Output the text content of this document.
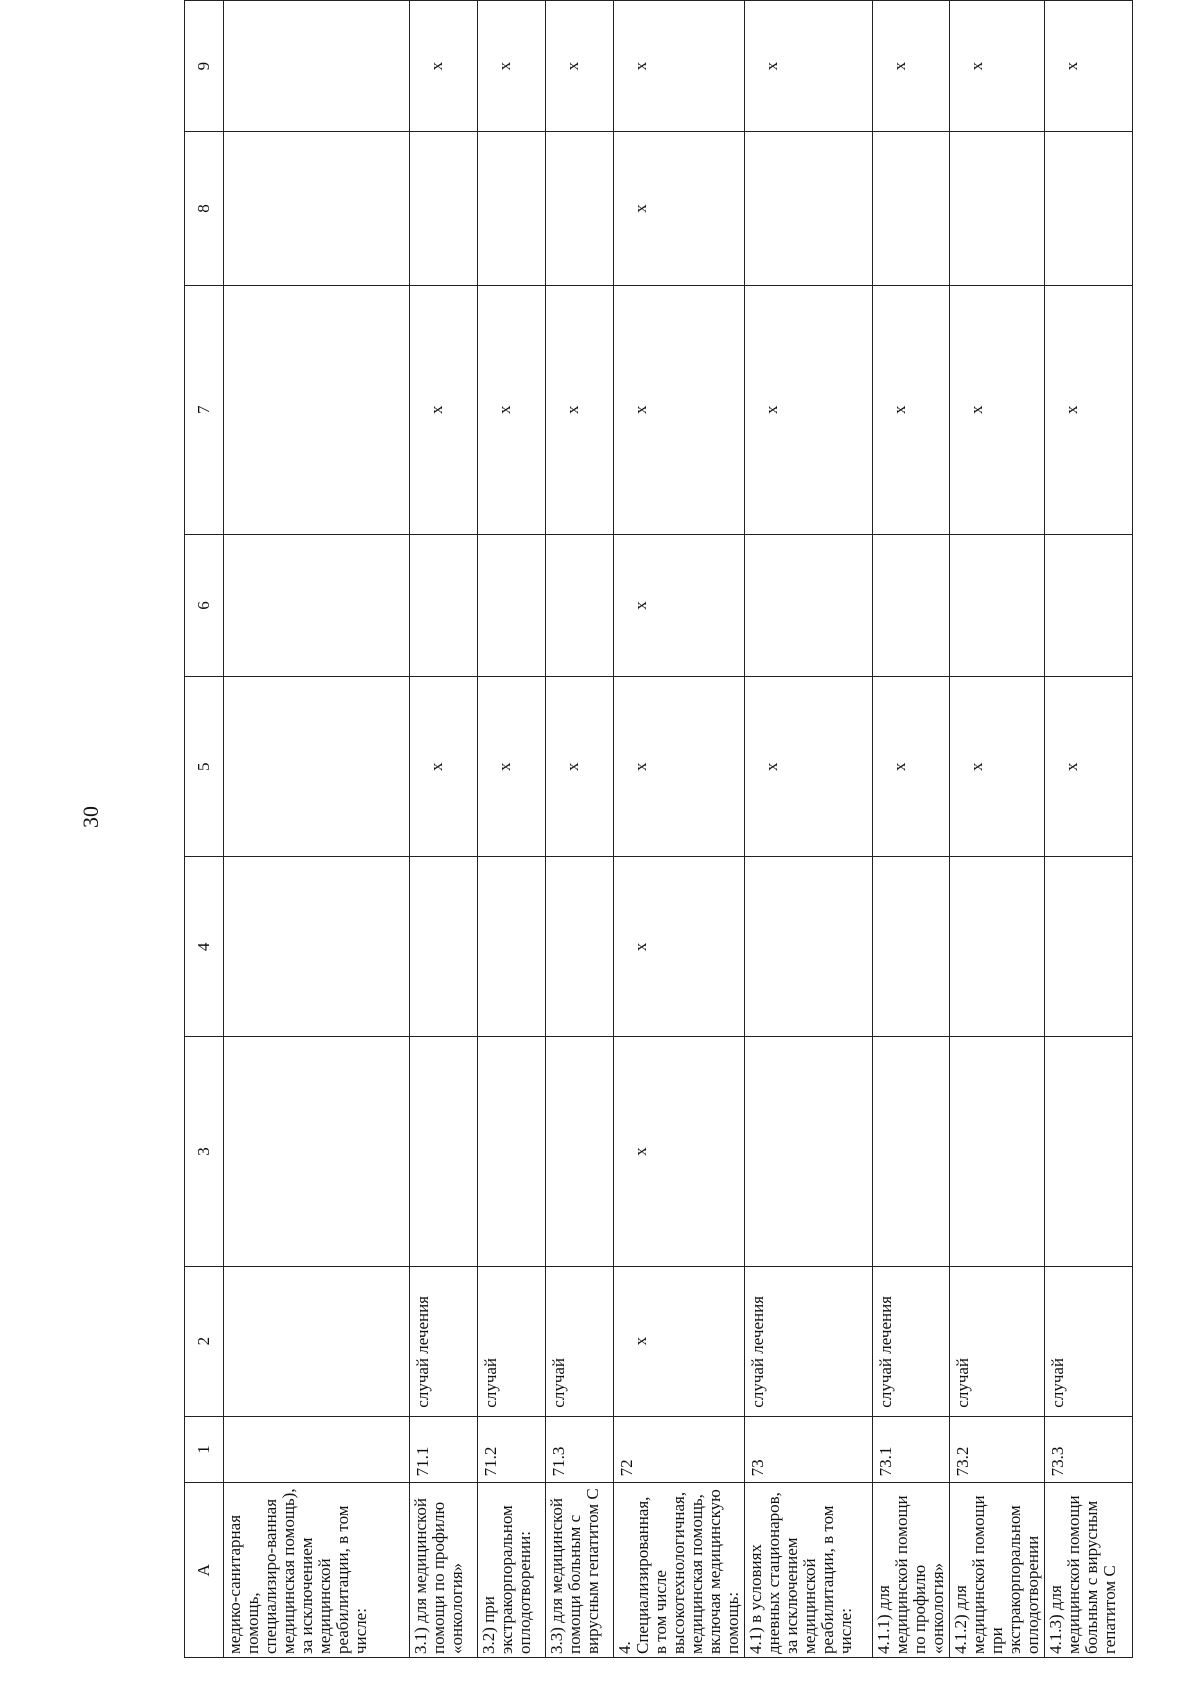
30
А	1	2	3	4	5	6	7	8	9
медико-санитарная помощь, специализиро-ванная медицинская помощь), за исключением медицинской реабилитации, в том числе:									
3.1) для медицинской помощи по профилю «онкология»	71.1	случай лечения			х		х		х
3.2) при экстракорпоральном оплодотворении:	71.2	случай			х		х		х
3.3) для медицинской помощи больным с вирусным гепатитом С	71.3	случай			х		х		х
4. Специализированная, в том числе высокотехнологичная, медицинская помощь, включая медицинскую помощь:	72	х	х	х	х	х	х	х	х
4.1) в условиях дневных стационаров, за исключением медицинской реабилитации, в том числе:	73	случай лечения			х		х		х
4.1.1) для медицинской помощи по профилю «онкология»	73.1	случай лечения			х		х		х
4.1.2) для медицинской помощи при экстракорпоральном оплодотворении	73.2	случай			х		х		х
4.1.3) для медицинской помощи больным с вирусным гепатитом С	73.3	случай			х		х		х
